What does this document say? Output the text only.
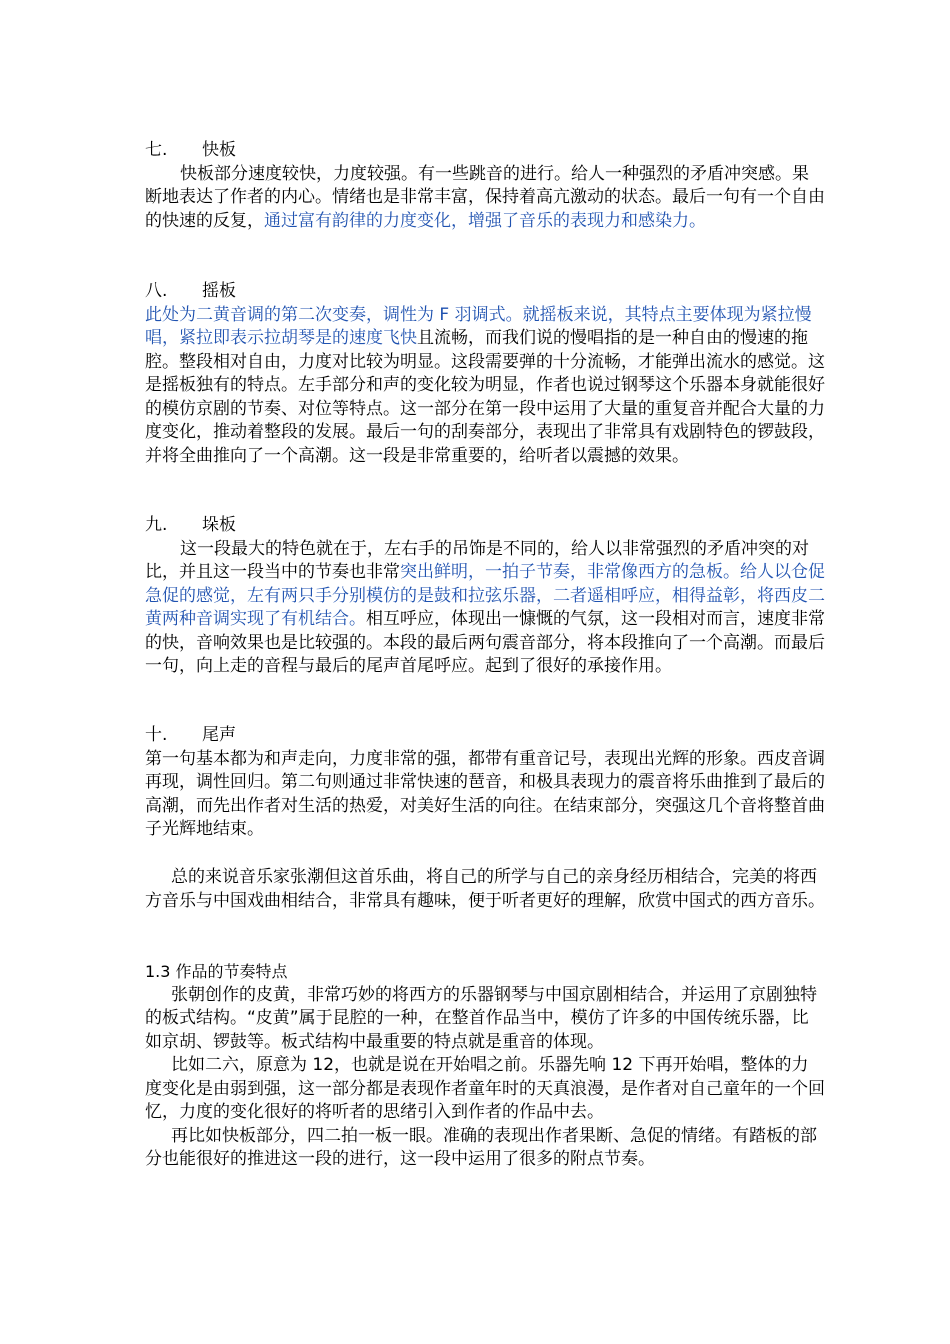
七.	快板

快板部分速度较快，力度较强。有一些跳音的进行。给人一种强烈的矛盾冲突感。果断地表达了作者的内心。情绪也是非常丰富，保持着高亢激动的状态。最后一句有一个自由的快速的反复，通过富有韵律的力度变化，增强了音乐的表现力和感染力。

八.	摇板

此处为二黄音调的第二次变奏，调性为 F 羽调式。就摇板来说，其特点主要体现为紧拉慢唱，紧拉即表示拉胡琴是的速度飞快且流畅，而我们说的慢唱指的是一种自由的慢速的拖腔。整段相对自由，力度对比较为明显。这段需要弹的十分流畅，才能弹出流水的感觉。这是摇板独有的特点。左手部分和声的变化较为明显，作者也说过钢琴这个乐器本身就能很好的模仿京剧的节奏、对位等特点。这一部分在第一段中运用了大量的重复音并配合大量的力度变化，推动着整段的发展。最后一句的刮奏部分，表现出了非常具有戏剧特色的锣鼓段，并将全曲推向了一个高潮。这一段是非常重要的，给听者以震撼的效果。

九.	垛板

这一段最大的特色就在于，左右手的吊饰是不同的，给人以非常强烈的矛盾冲突的对比，并且这一段当中的节奏也非常突出鲜明，一拍子节奏，非常像西方的急板。给人以仓促急促的感觉，左有两只手分别模仿的是鼓和拉弦乐器，二者遥相呼应，相得益彰，将西皮二黄两种音调实现了有机结合。相互呼应，体现出一慷慨的气氛，这一段相对而言，速度非常的快，音响效果也是比较强的。本段的最后两句震音部分，将本段推向了一个高潮。而最后一句，向上走的音程与最后的尾声首尾呼应。起到了很好的承接作用。

十.	尾声

第一句基本都为和声走向，力度非常的强，都带有重音记号，表现出光辉的形象。西皮音调再现，调性回归。第二句则通过非常快速的琶音，和极具表现力的震音将乐曲推到了最后的高潮，而先出作者对生活的热爱，对美好生活的向往。在结束部分，突强这几个音将整首曲子光辉地结束。

总的来说音乐家张潮但这首乐曲，将自己的所学与自己的亲身经历相结合，完美的将西方音乐与中国戏曲相结合，非常具有趣味，便于听者更好的理解，欣赏中国式的西方音乐。

1.3 作品的节奏特点

张朝创作的皮黄，非常巧妙的将西方的乐器钢琴与中国京剧相结合，并运用了京剧独特的板式结构。“皮黄”属于昆腔的一种，在整首作品当中，模仿了许多的中国传统乐器，比如京胡、锣鼓等。板式结构中最重要的特点就是重音的体现。

比如二六，原意为 12，也就是说在开始唱之前。乐器先响 12 下再开始唱，整体的力度变化是由弱到强，这一部分都是表现作者童年时的天真浪漫，是作者对自己童年的一个回忆，力度的变化很好的将听者的思绪引入到作者的作品中去。

再比如快板部分，四二拍一板一眼。准确的表现出作者果断、急促的情绪。有踏板的部分也能很好的推进这一段的进行，这一段中运用了很多的附点节奏。
